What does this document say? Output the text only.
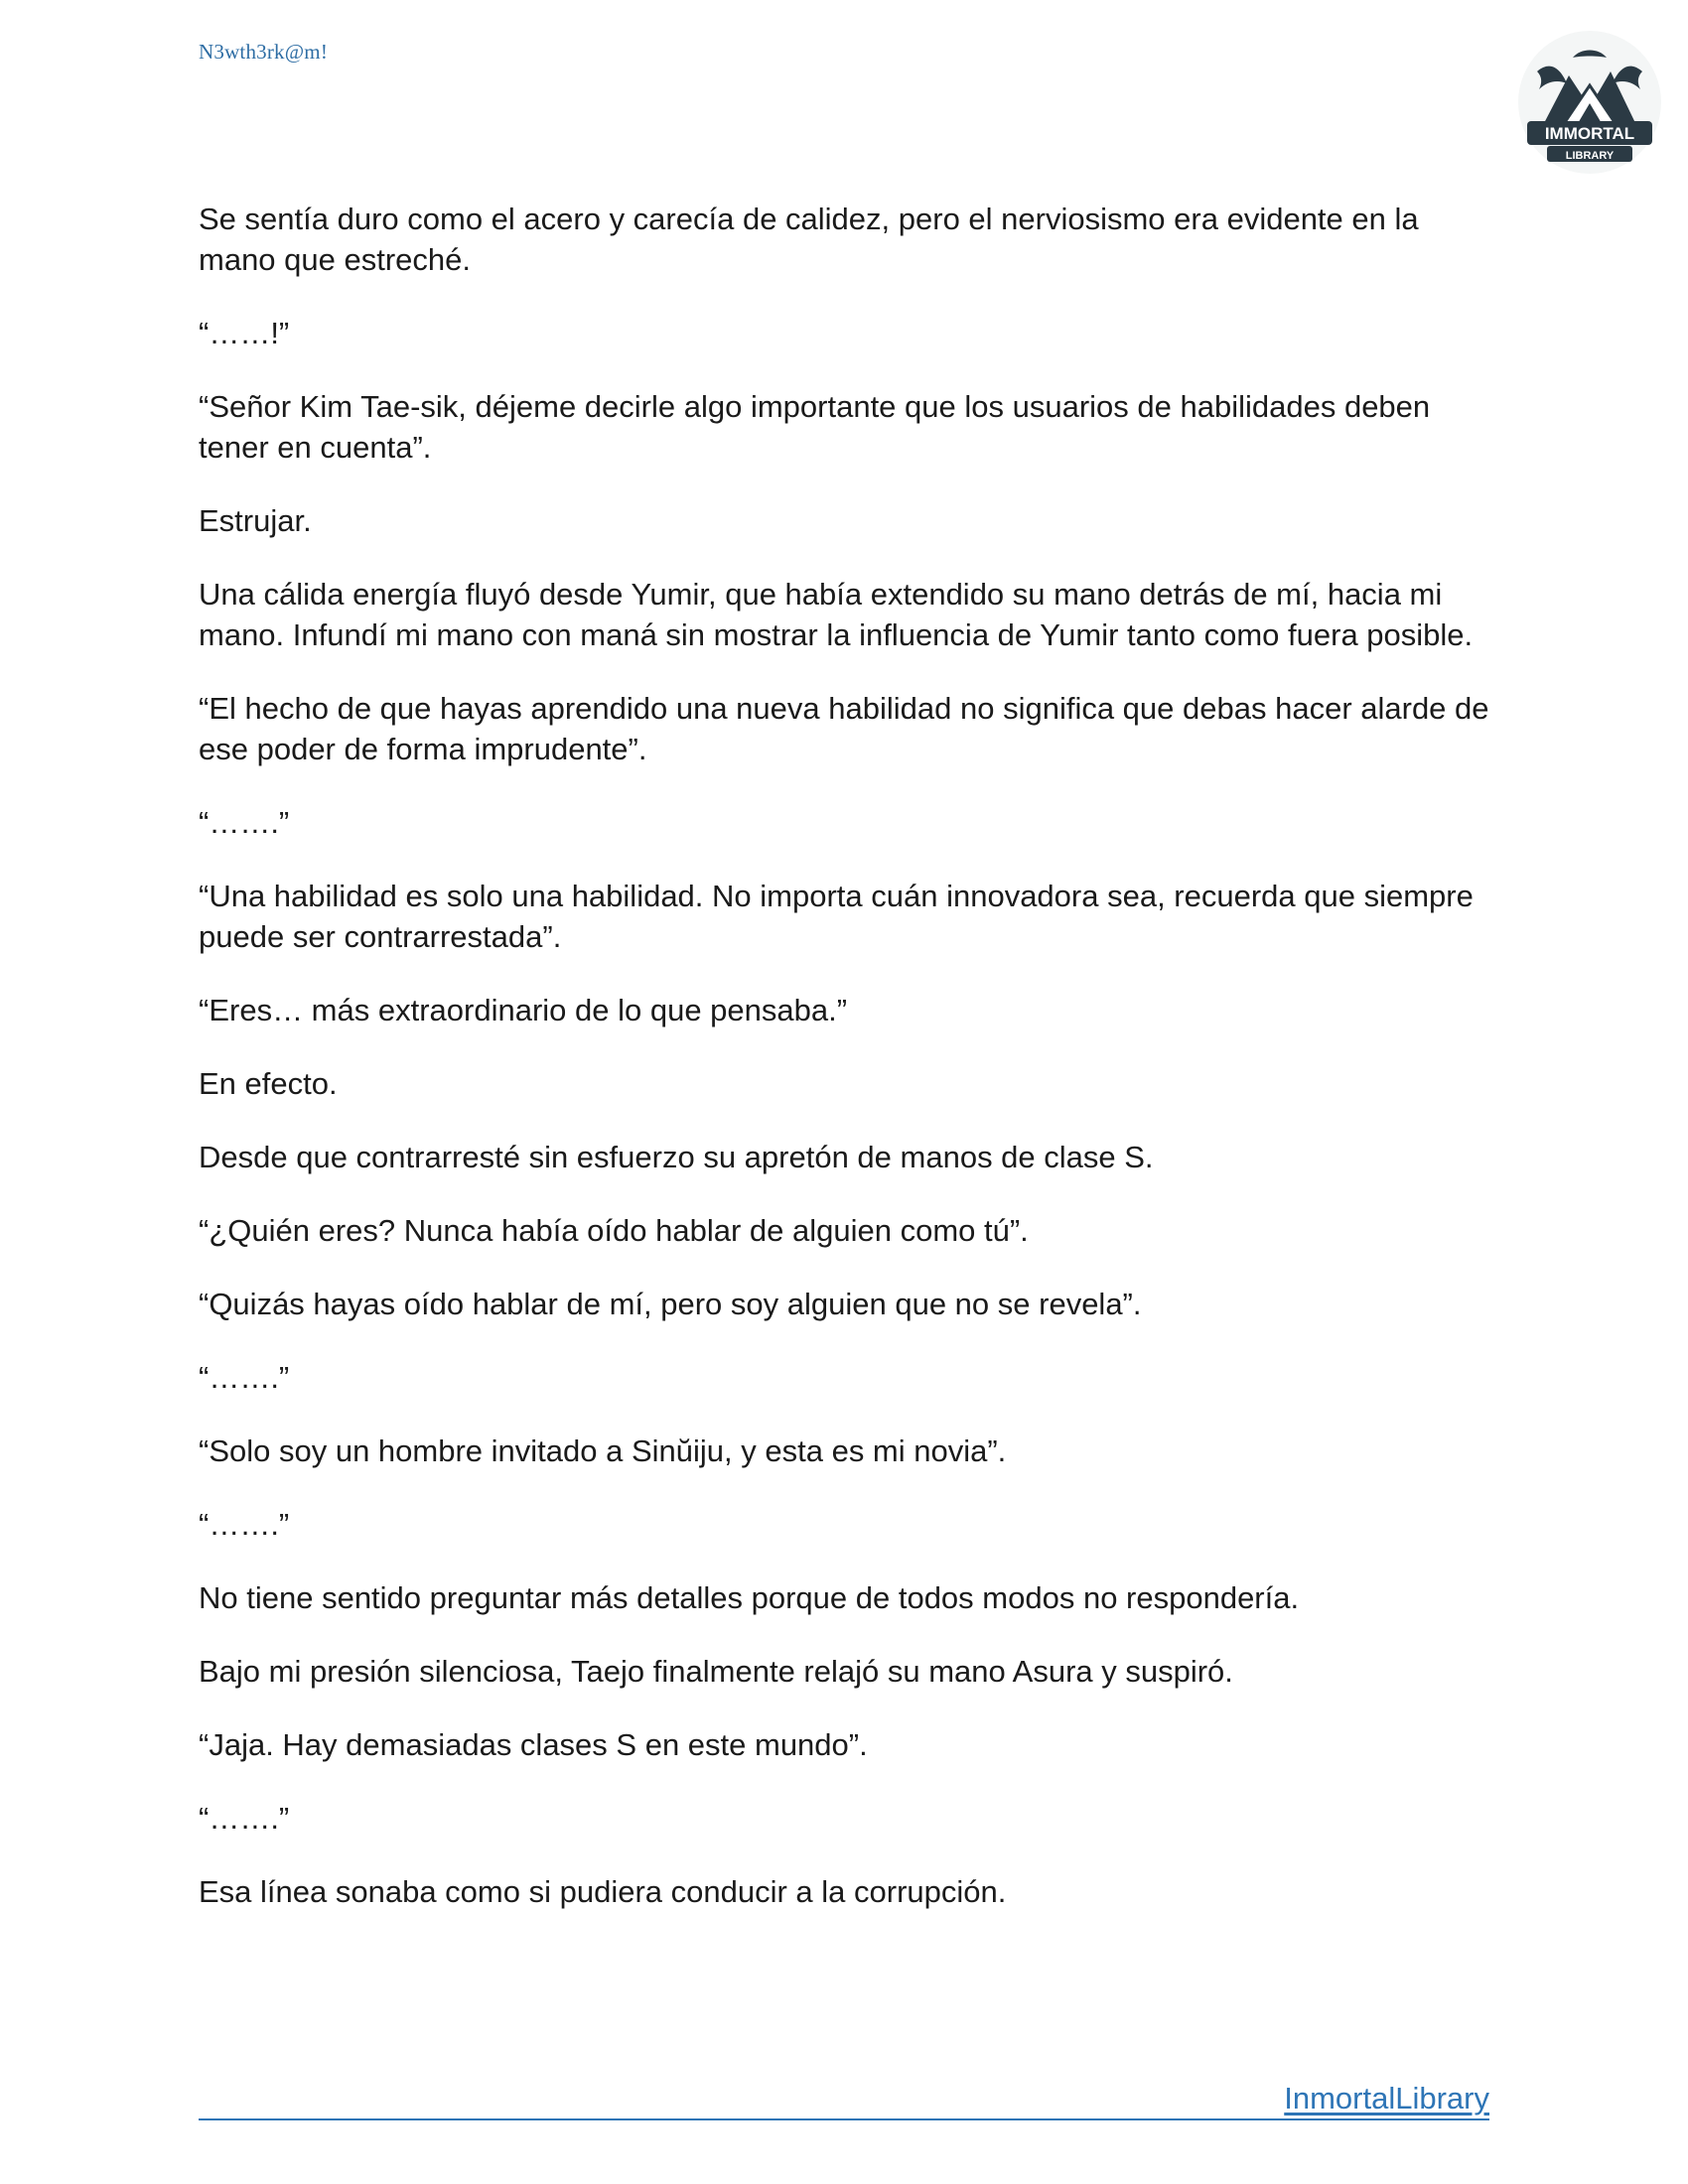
N3wth3rk@m!
IMMORTAL
LIBRARY

Se sentía duro como el acero y carecía de calidez, pero el nerviosismo era evidente en la mano que estreché.

“……!”

“Señor Kim Tae-sik, déjeme decirle algo importante que los usuarios de habilidades deben tener en cuenta”.

Estrujar.

Una cálida energía fluyó desde Yumir, que había extendido su mano detrás de mí, hacia mi mano. Infundí mi mano con maná sin mostrar la influencia de Yumir tanto como fuera posible.

“El hecho de que hayas aprendido una nueva habilidad no significa que debas hacer alarde de ese poder de forma imprudente”.

“…….”

“Una habilidad es solo una habilidad. No importa cuán innovadora sea, recuerda que siempre puede ser contrarrestada”.

“Eres… más extraordinario de lo que pensaba.”

En efecto.

Desde que contrarresté sin esfuerzo su apretón de manos de clase S.

“¿Quién eres? Nunca había oído hablar de alguien como tú”.

“Quizás hayas oído hablar de mí, pero soy alguien que no se revela”.

“…….”

“Solo soy un hombre invitado a Sinŭiju, y esta es mi novia”.

“…….”

No tiene sentido preguntar más detalles porque de todos modos no respondería.

Bajo mi presión silenciosa, Taejo finalmente relajó su mano Asura y suspiró.

“Jaja. Hay demasiadas clases S en este mundo”.

“…….”

Esa línea sonaba como si pudiera conducir a la corrupción.

InmortalLibrary
